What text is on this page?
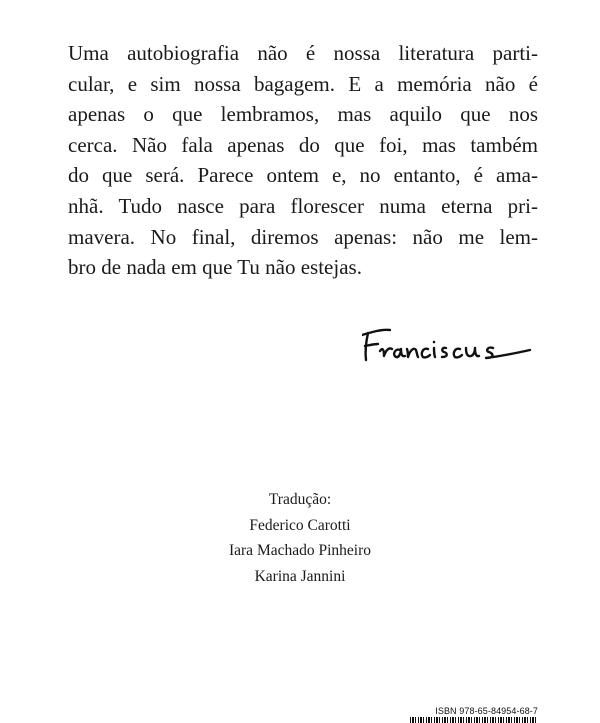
Uma autobiografia não é nossa literatura parti-
cular, e sim nossa bagagem. E a memória não é
apenas o que lembramos, mas aquilo que nos
cerca. Não fala apenas do que foi, mas também
do que será. Parece ontem e, no entanto, é ama-
nhã. Tudo nasce para florescer numa eterna pri-
mavera. No final, diremos apenas: não me lem-
bro de nada em que Tu não estejas.
Tradução:
Federico Carotti
Iara Machado Pinheiro
Karina Jannini
ISBN 978-65-84954-68-7
